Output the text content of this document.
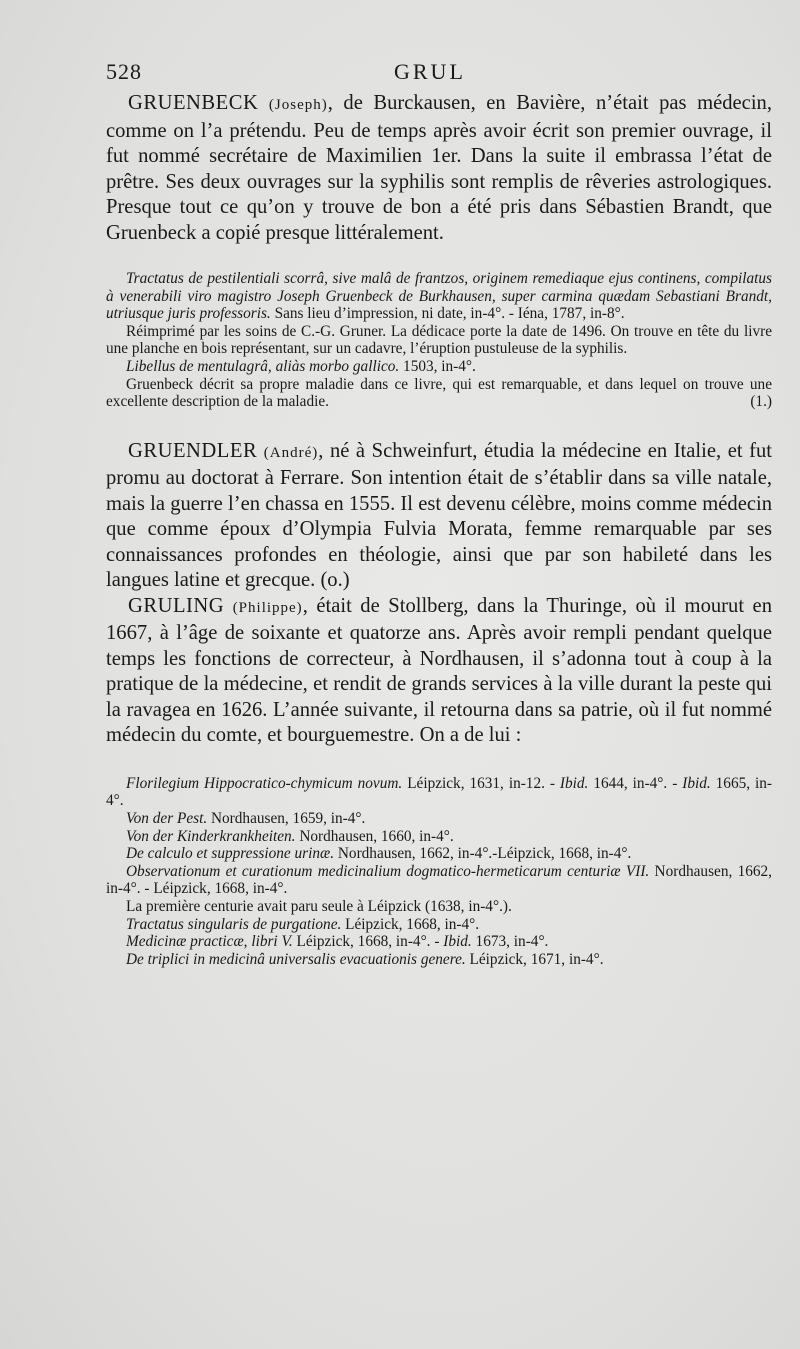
528	GRUL

GRUENBECK (Joseph), de Burckausen, en Bavière, n’était pas médecin, comme on l’a prétendu. Peu de temps après avoir écrit son premier ouvrage, il fut nommé secrétaire de Maximilien 1er. Dans la suite il embrassa l’état de prêtre. Ses deux ouvrages sur la syphilis sont remplis de rêveries astrologiques. Presque tout ce qu’on y trouve de bon a été pris dans Sébastien Brandt, que Gruenbeck a copié presque littéralement.

Tractatus de pestilentiali scorrâ, sive malâ de frantzos, originem remediaque ejus continens, compilatus à venerabili viro magistro Joseph Gruenbeck de Burkhausen, super carmina quædam Sebastiani Brandt, utriusque juris professoris. Sans lieu d’impression, ni date, in-4°. - Iéna, 1787, in-8°.

Réimprimé par les soins de C.-G. Gruner. La dédicace porte la date de 1496. On trouve en tête du livre une planche en bois représentant, sur un cadavre, l’éruption pustuleuse de la syphilis.

Libellus de mentulagrâ, aliàs morbo gallico. 1503, in-4°.

Gruenbeck décrit sa propre maladie dans ce livre, qui est remarquable, et dans lequel on trouve une excellente description de la maladie.	(1.)

GRUENDLER (André), né à Schweinfurt, étudia la médecine en Italie, et fut promu au doctorat à Ferrare. Son intention était de s’établir dans sa ville natale, mais la guerre l’en chassa en 1555. Il est devenu célèbre, moins comme médecin que comme époux d’Olympia Fulvia Morata, femme remarquable par ses connaissances profondes en théologie, ainsi que par son habileté dans les langues latine et grecque. (o.)

GRULING (Philippe), était de Stollberg, dans la Thuringe, où il mourut en 1667, à l’âge de soixante et quatorze ans. Après avoir rempli pendant quelque temps les fonctions de correcteur, à Nordhausen, il s’adonna tout à coup à la pratique de la médecine, et rendit de grands services à la ville durant la peste qui la ravagea en 1626. L’année suivante, il retourna dans sa patrie, où il fut nommé médecin du comte, et bourguemestre. On a de lui :

Florilegium Hippocratico-chymicum novum. Léipzick, 1631, in-12. - Ibid. 1644, in-4°. - Ibid. 1665, in-4°.

Von der Pest. Nordhausen, 1659, in-4°.

Von der Kinderkrankheiten. Nordhausen, 1660, in-4°.

De calculo et suppressione urinæ. Nordhausen, 1662, in-4°.-Léipzick, 1668, in-4°.

Observationum et curationum medicinalium dogmatico-hermeticarum centuriæ VII. Nordhausen, 1662, in-4°. - Léipzick, 1668, in-4°.

La première centurie avait paru seule à Léipzick (1638, in-4°.).

Tractatus singularis de purgatione. Léipzick, 1668, in-4°.

Medicinæ practicæ, libri V. Léipzick, 1668, in-4°. - Ibid. 1673, in-4°.

De triplici in medicinâ universalis evacuationis genere. Léipzick, 1671, in-4°.
